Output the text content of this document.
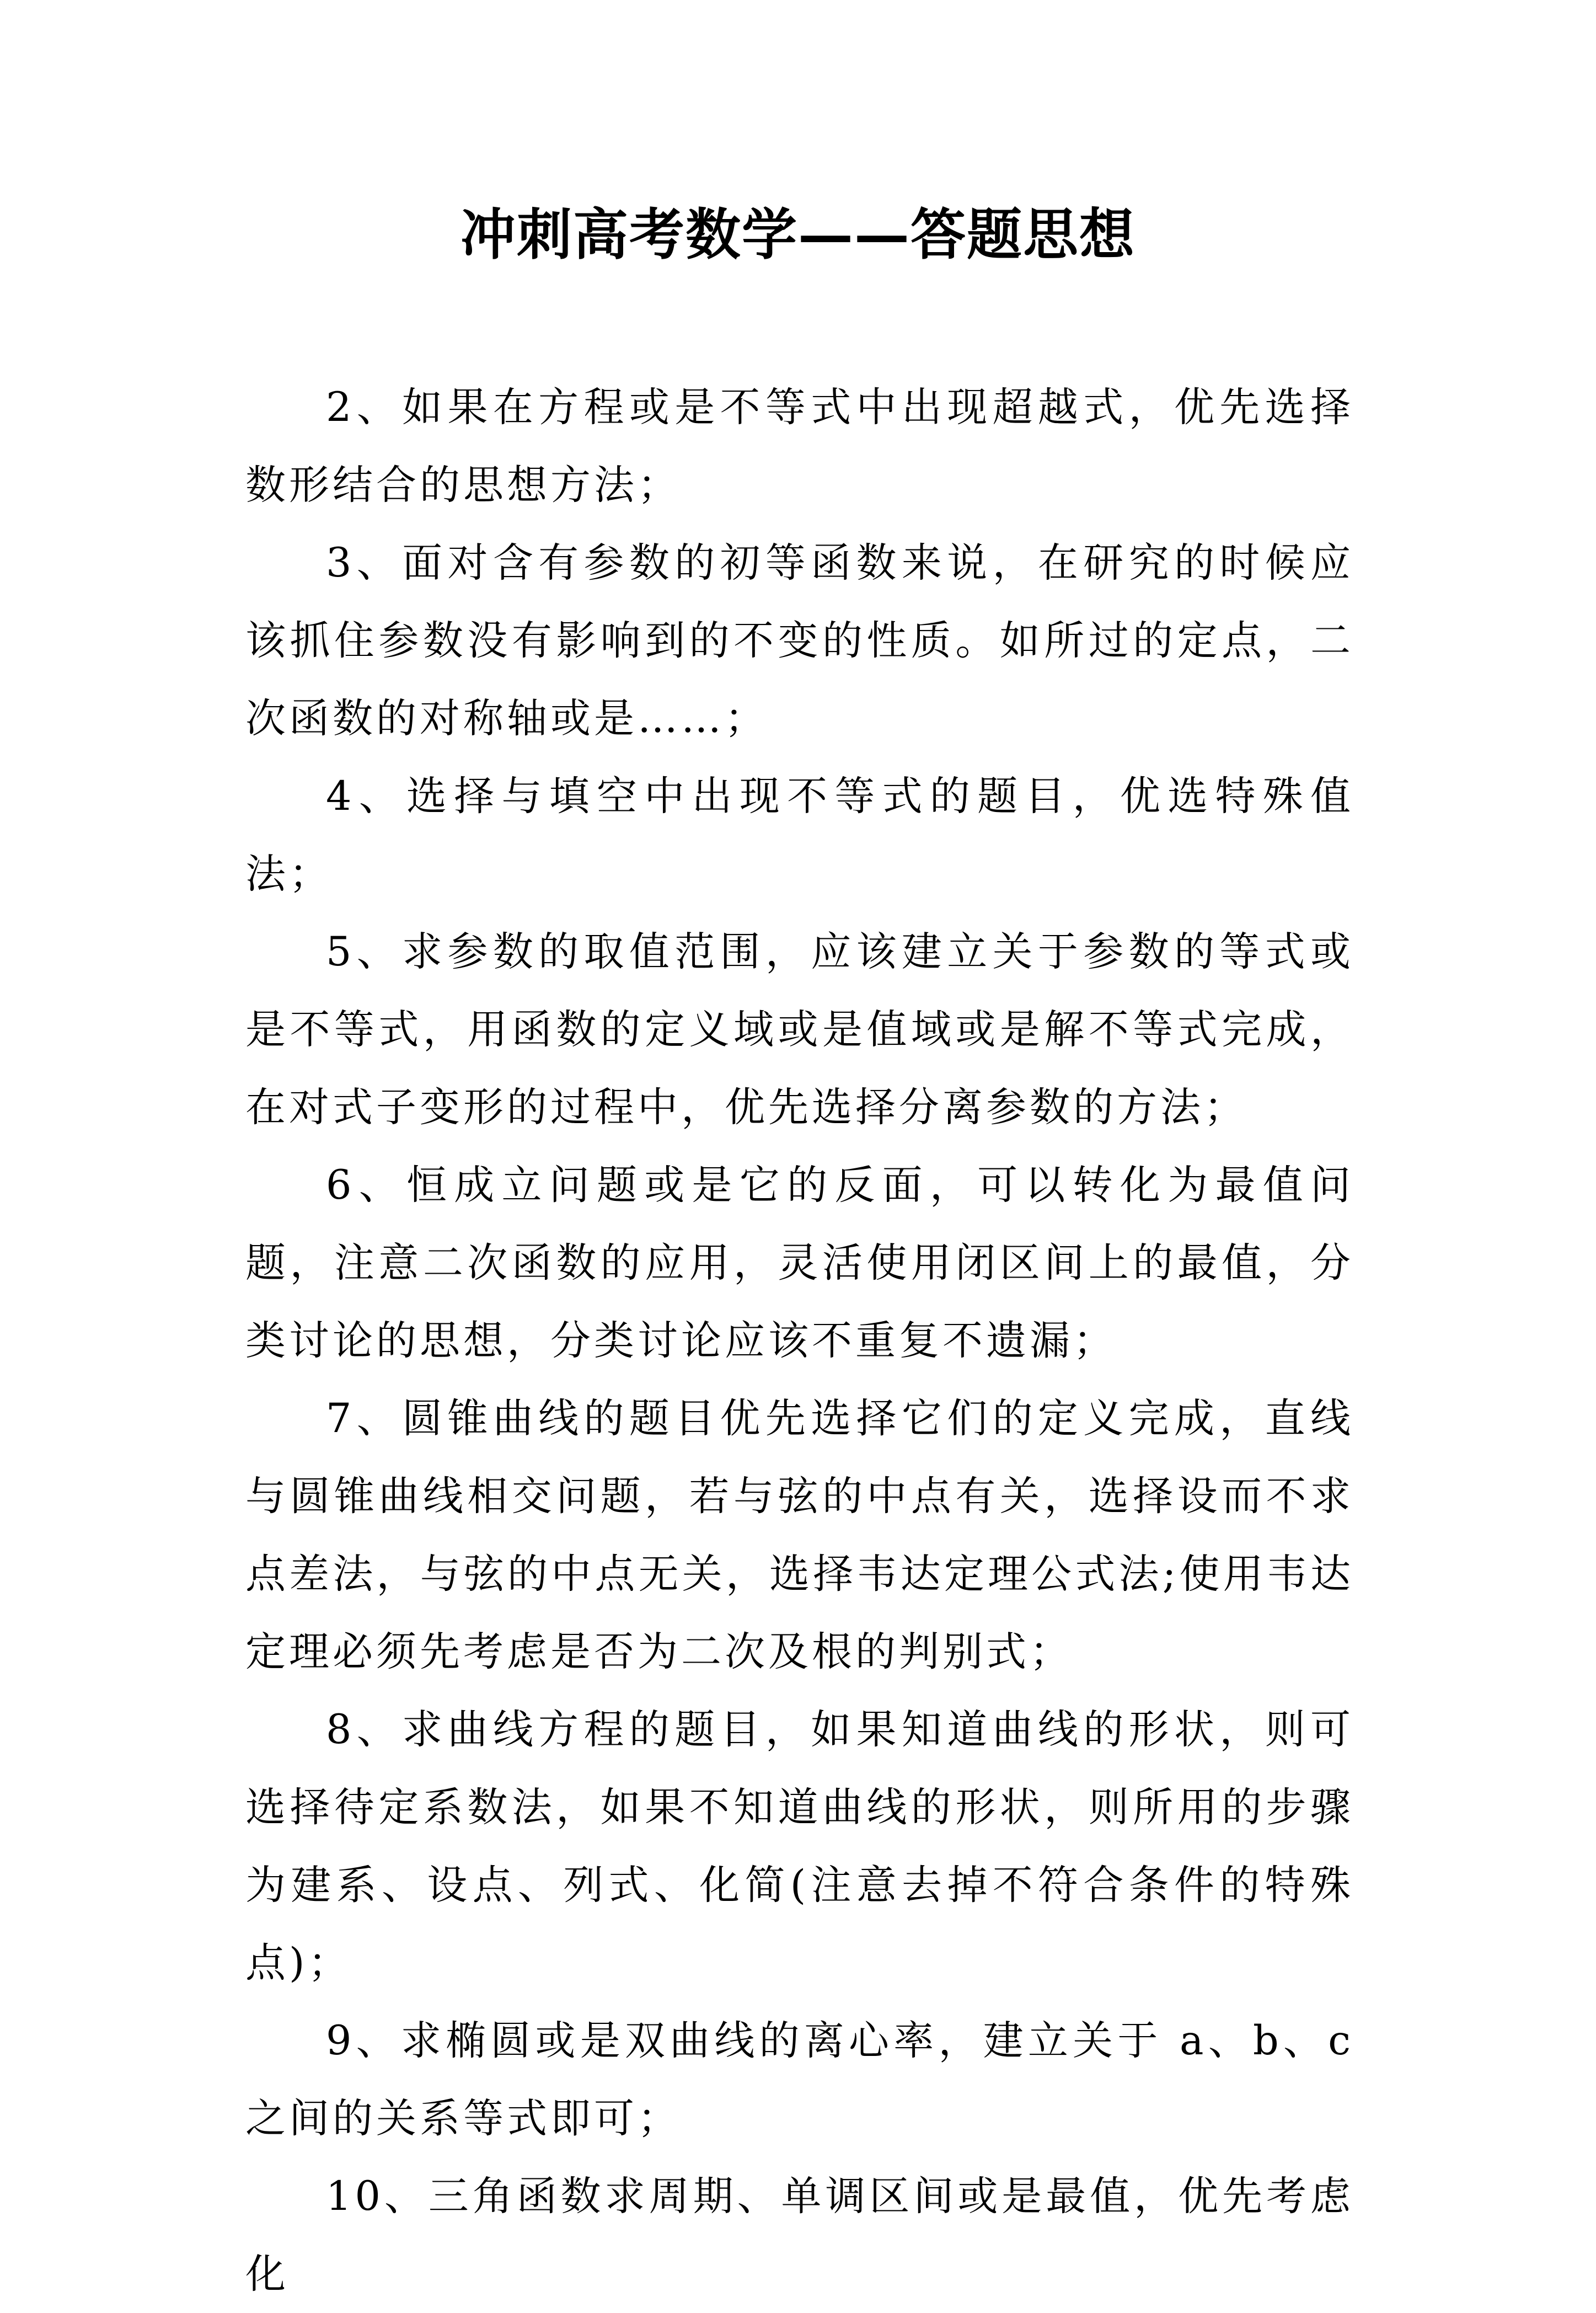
冲刺高考数学——答题思想

2、如果在方程或是不等式中出现超越式，优先选择数形结合的思想方法；

3、面对含有参数的初等函数来说，在研究的时候应该抓住参数没有影响到的不变的性质。如所过的定点，二次函数的对称轴或是……；

4、选择与填空中出现不等式的题目，优选特殊值法；

5、求参数的取值范围，应该建立关于参数的等式或是不等式，用函数的定义域或是值域或是解不等式完成，在对式子变形的过程中，优先选择分离参数的方法；

6、恒成立问题或是它的反面，可以转化为最值问题，注意二次函数的应用，灵活使用闭区间上的最值，分类讨论的思想，分类讨论应该不重复不遗漏；

7、圆锥曲线的题目优先选择它们的定义完成，直线与圆锥曲线相交问题，若与弦的中点有关，选择设而不求点差法，与弦的中点无关，选择韦达定理公式法;使用韦达定理必须先考虑是否为二次及根的判别式；

8、求曲线方程的题目，如果知道曲线的形状，则可选择待定系数法，如果不知道曲线的形状，则所用的步骤为建系、设点、列式、化简(注意去掉不符合条件的特殊点)；

9、求椭圆或是双曲线的离心率，建立关于 a、b、c 之间的关系等式即可；

10、三角函数求周期、单调区间或是最值，优先考虑化
